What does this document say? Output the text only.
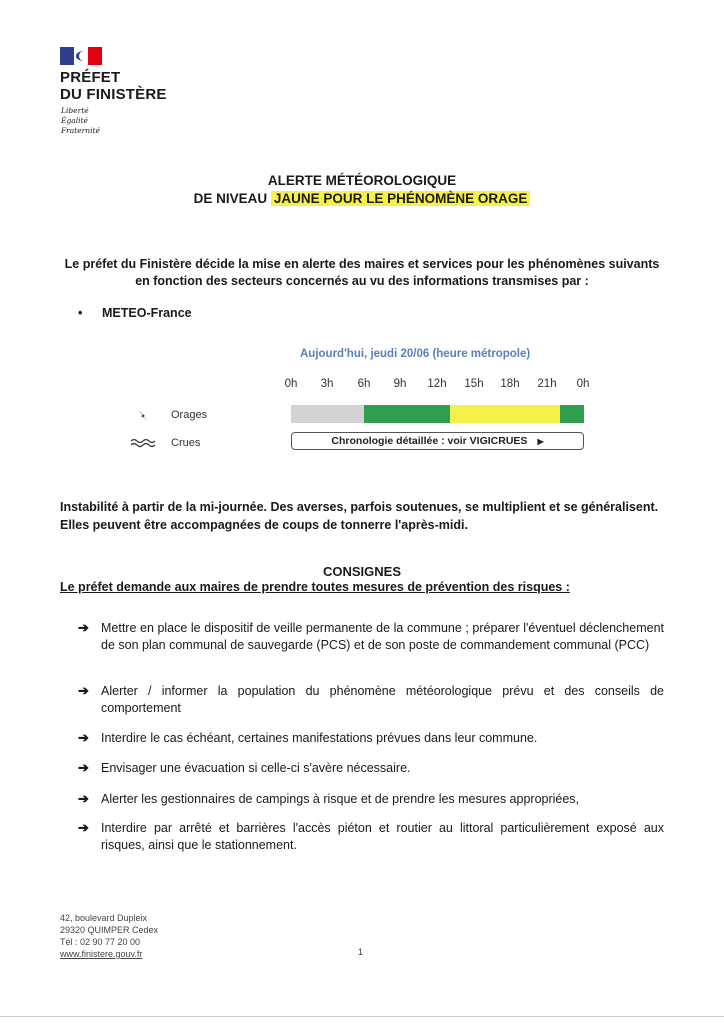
PRÉFET
DU FINISTÈRE
Liberté
Égalité
Fraternité
ALERTE MÉTÉOROLOGIQUE
DE NIVEAU JAUNE POUR LE PHÉNOMÈNE ORAGE
Le préfet du Finistère décide la mise en alerte des maires et services pour les phénomènes suivants en fonction des secteurs concernés au vu des informations transmises par :
• METEO-France
Aujourd'hui, jeudi 20/06 (heure métropole)
0h	3h	6h	9h	12h	15h	18h	21h	0h
Orages
Crues	Chronologie détaillée : voir VIGICRUES ▶
Instabilité à partir de la mi-journée. Des averses, parfois soutenues, se multiplient et se généralisent. Elles peuvent être accompagnées de coups de tonnerre l'après-midi.
CONSIGNES
Le préfet demande aux maires de prendre toutes mesures de prévention des risques :
➔ Mettre en place le dispositif de veille permanente de la commune ; préparer l'éventuel déclenchement de son plan communal de sauvegarde (PCS) et de son poste de commandement communal (PCC)
➔ Alerter / informer la population du phénomène météorologique prévu et des conseils de comportement
➔ Interdire le cas échéant, certaines manifestations prévues dans leur commune.
➔ Envisager une évacuation si celle-ci s'avère nécessaire.
➔ Alerter les gestionnaires de campings à risque et de prendre les mesures appropriées,
➔ Interdire par arrêté et barrières l'accès piéton et routier au littoral particulièrement exposé aux risques, ainsi que le stationnement.
42, boulevard Dupleix
29320 QUIMPER Cedex
Tél : 02 90 77 20 00
www.finistere.gouv.fr	1
